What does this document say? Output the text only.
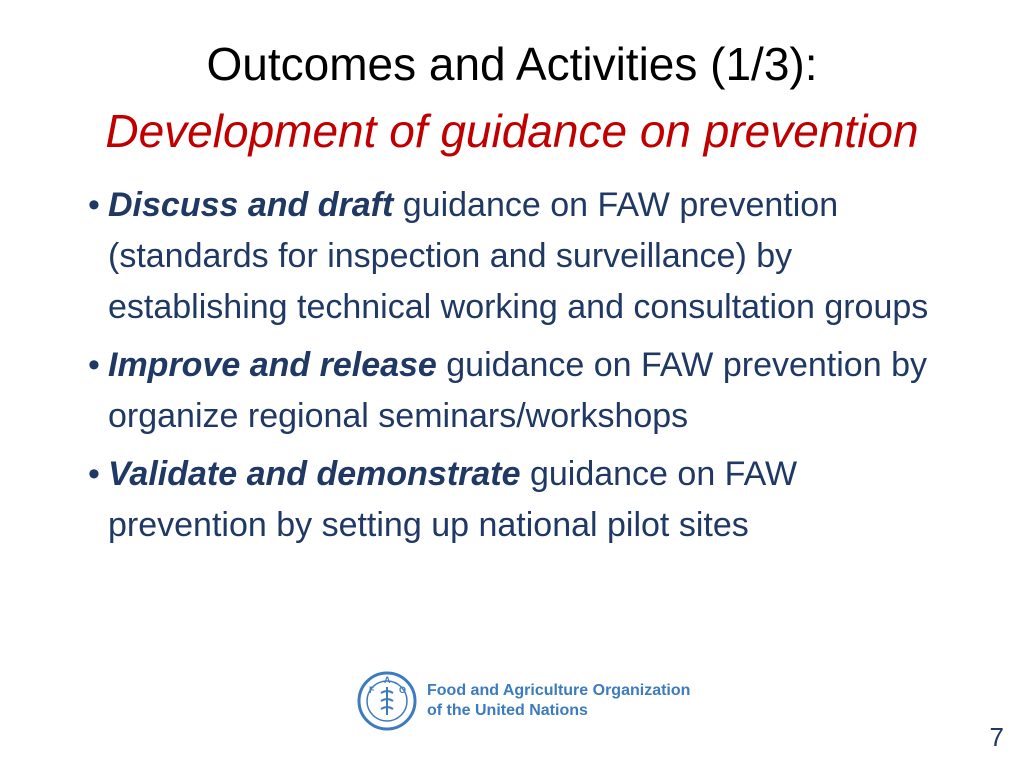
Outcomes and Activities (1/3):
Development of guidance on prevention
• Discuss and draft guidance on FAW prevention (standards for inspection and surveillance) by establishing technical working and consultation groups
• Improve and release guidance on FAW prevention by organize regional seminars/workshops
• Validate and demonstrate guidance on FAW prevention by setting up national pilot sites
F
A
O Food and Agriculture Organization
of the United Nations
7
